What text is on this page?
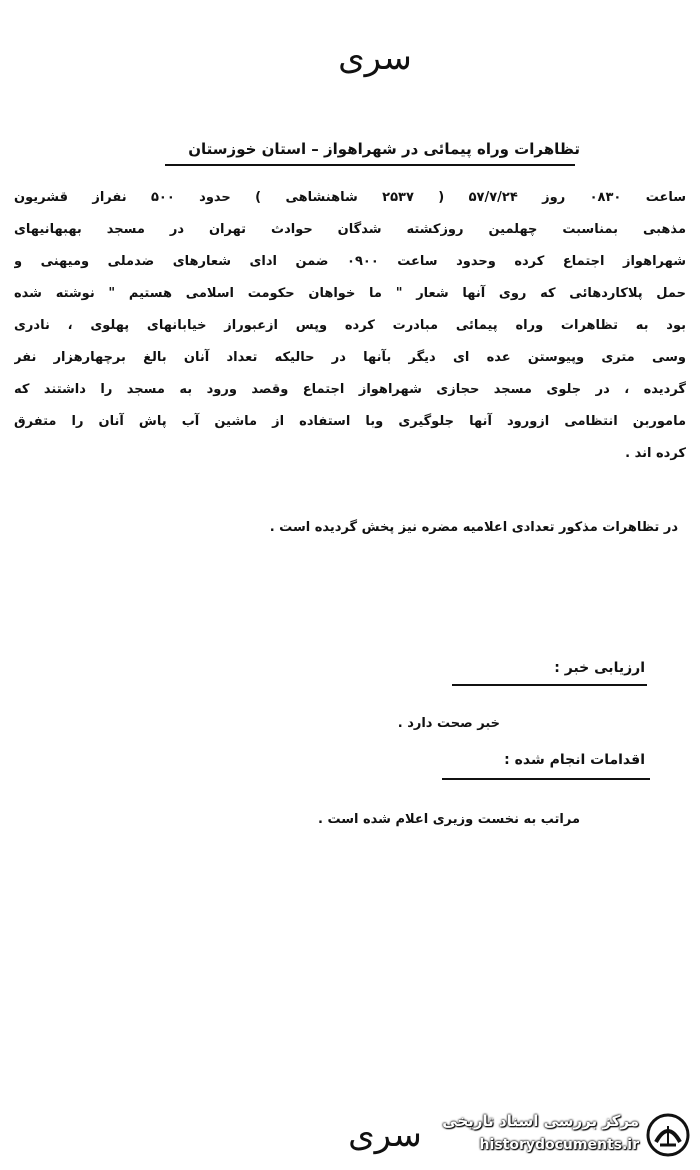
سری
تظاهرات وراه پیمائی در شهراهواز – استان خوزستان
ساعت ۰۸۳۰ روز ۵۷/۷/۲۴ ( ۲۵۳۷ شاهنشاهی ) حدود ۵۰۰ نفراز قشریون
مذهبی بمناسبت چهلمین روزکشته شدگان حوادث تهران در مسجد بهبهانیهای
شهراهواز اجتماع کرده وحدود ساعت ۰۹۰۰ ضمن ادای شعارهای ضدملی ومیهنی و
حمل پلاکاردهائی که روی آنها شعار " ما خواهان حکومت اسلامی هستیم " نوشته شده
بود به تظاهرات وراه پیمائی مبادرت کرده وپس ازعبوراز خیابانهای پهلوی ، نادری
وسی متری وپیوستن عده ای دیگر بآنها در حالیکه تعداد آنان بالغ برچهارهزار نفر
گردیده ، در جلوی مسجد حجازی شهراهواز اجتماع وقصد ورود به مسجد را داشتند که
ماموربن انتظامی ازورود آنها جلوگیری وبا استفاده از ماشین آب پاش آنان را متفرق
کرده اند .
در تظاهرات مذکور تعدادی اعلامیه مضره نیز پخش گردیده است .
ارزیابی خبر :
خبر صحت دارد .
اقدامات انجام شده :
مراتب به نخست وزیری اعلام شده است .
سری	مرکز بررسی اسناد تاریخی
historydocuments.ir
